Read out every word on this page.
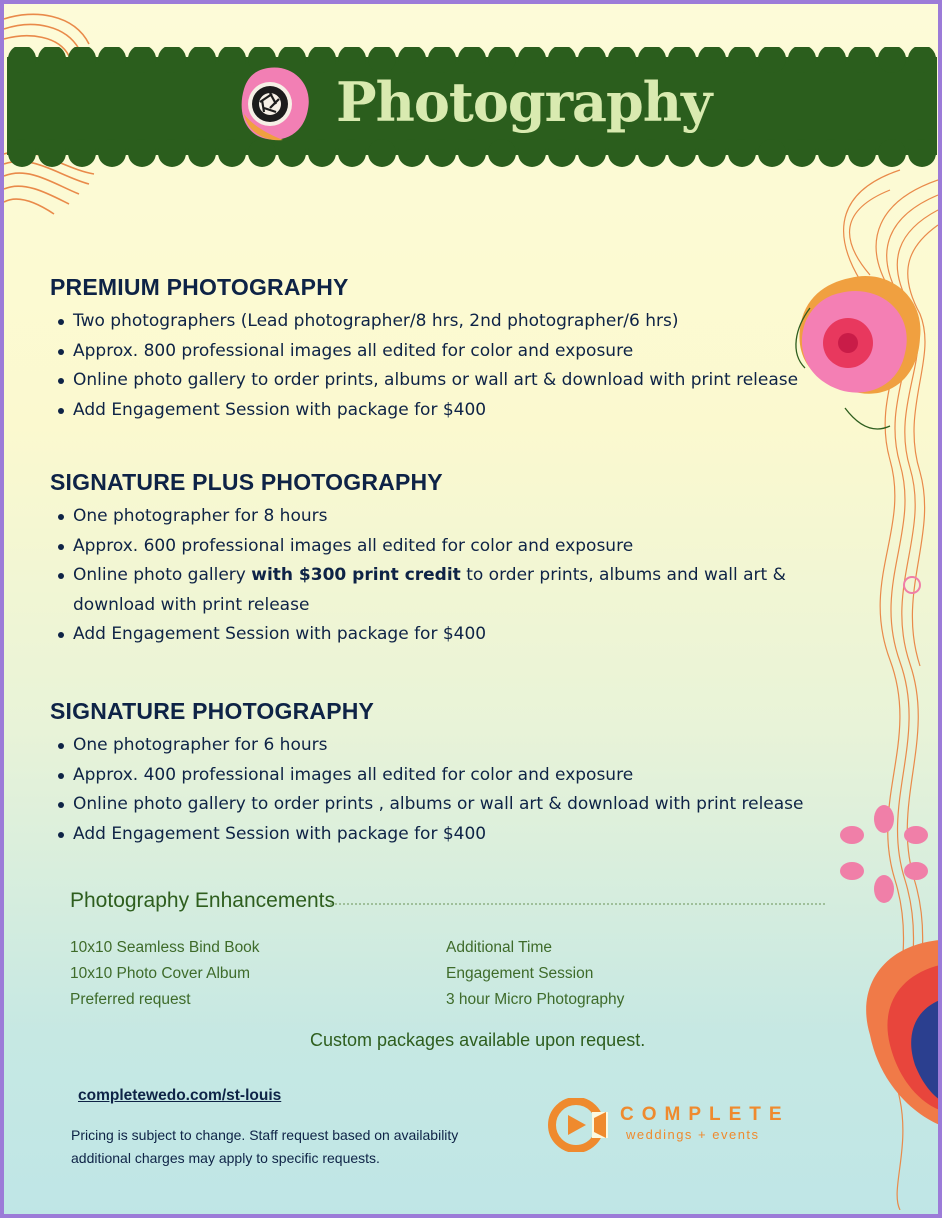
Photography
PREMIUM PHOTOGRAPHY
Two photographers (Lead photographer/8 hrs, 2nd photographer/6 hrs)
Approx. 800 professional images all edited for color and exposure
Online photo gallery to order prints, albums or wall art & download with print release
Add Engagement Session with package for $400
SIGNATURE PLUS PHOTOGRAPHY
One photographer for 8 hours
Approx. 600 professional images all edited for color and exposure
Online photo gallery with $300 print credit to order prints, albums and wall art & download with print release
Add Engagement Session with package for $400
SIGNATURE PHOTOGRAPHY
One photographer for 6 hours
Approx. 400 professional images all edited for color and exposure
Online photo gallery to order prints , albums or wall art & download with print release
Add Engagement Session with package for $400
Photography Enhancements
10x10 Seamless Bind Book
10x10 Photo Cover Album
Preferred request
Additional Time
Engagement Session
3 hour Micro Photography
Custom packages available upon request.
completewedo.com/st-louis
Pricing is subject to change. Staff request based on availability
additional charges may apply to specific requests.
COMPLETE
weddings + events
